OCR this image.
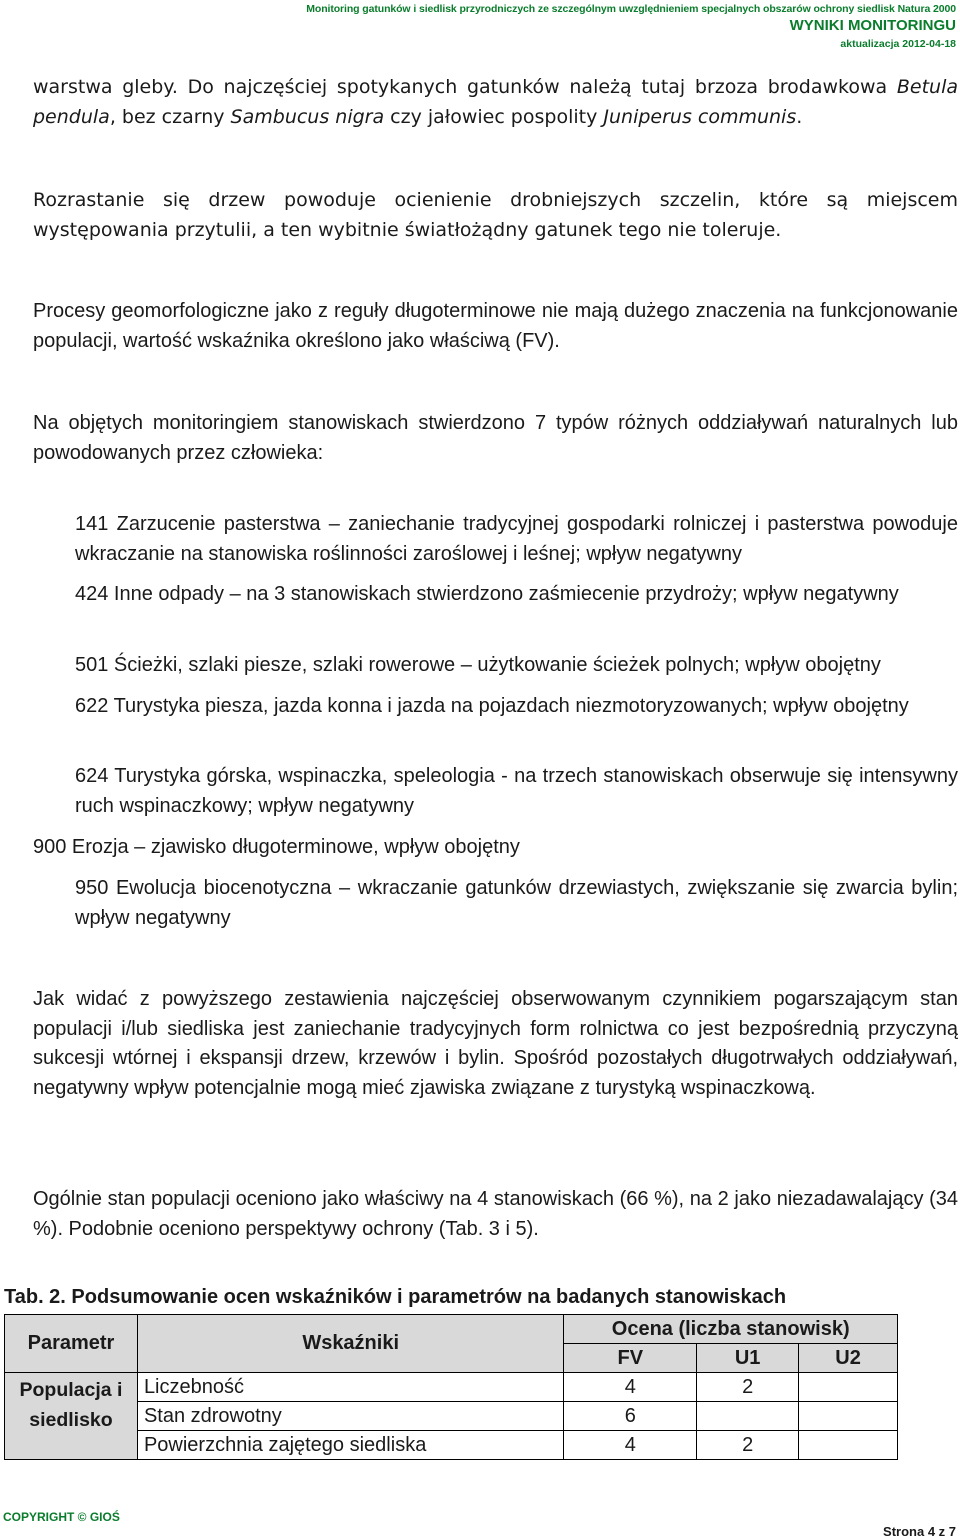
Monitoring gatunków i siedlisk przyrodniczych ze szczególnym uwzględnieniem specjalnych obszarów ochrony siedlisk Natura 2000
WYNIKI MONITORINGU
aktualizacja 2012-04-18
warstwa gleby. Do najczęściej spotykanych gatunków należą tutaj brzoza brodawkowa Betula pendula, bez czarny Sambucus nigra czy jałowiec pospolity Juniperus communis.
Rozrastanie się drzew powoduje ocienienie drobniejszych szczelin, które są miejscem występowania przytulii, a ten wybitnie światłożądny gatunek tego nie toleruje.
Procesy geomorfologiczne jako z reguły długoterminowe nie mają dużego znaczenia na funkcjonowanie populacji, wartość wskaźnika określono jako właściwą (FV).
Na objętych monitoringiem stanowiskach stwierdzono 7 typów różnych oddziaływań naturalnych lub powodowanych przez człowieka:
141 Zarzucenie pasterstwa – zaniechanie tradycyjnej gospodarki rolniczej i pasterstwa powoduje wkraczanie na stanowiska roślinności zaroślowej i leśnej; wpływ negatywny
424 Inne odpady – na 3 stanowiskach stwierdzono zaśmiecenie przydroży; wpływ negatywny
501 Ścieżki, szlaki piesze, szlaki rowerowe – użytkowanie ścieżek polnych; wpływ obojętny
622 Turystyka piesza, jazda konna i jazda na pojazdach niezmotoryzowanych; wpływ obojętny
624 Turystyka górska, wspinaczka, speleologia - na trzech stanowiskach obserwuje się intensywny ruch wspinaczkowy; wpływ negatywny
900 Erozja – zjawisko długoterminowe, wpływ obojętny
950 Ewolucja biocenotyczna – wkraczanie gatunków drzewiastych, zwiększanie się zwarcia bylin; wpływ negatywny
Jak widać z powyższego zestawienia najczęściej obserwowanym czynnikiem pogarszającym stan populacji i/lub siedliska jest zaniechanie tradycyjnych form rolnictwa co jest bezpośrednią przyczyną sukcesji wtórnej i ekspansji drzew, krzewów i bylin. Spośród pozostałych długotrwałych oddziaływań, negatywny wpływ potencjalnie mogą mieć zjawiska związane z turystyką wspinaczkową.
Ogólnie stan populacji oceniono jako właściwy na 4 stanowiskach (66 %), na 2 jako niezadawalający (34 %). Podobnie oceniono perspektywy ochrony (Tab. 3 i 5).
Tab. 2. Podsumowanie ocen wskaźników i parametrów na badanych stanowiskach
Parametr	Wskaźniki	Ocena (liczba stanowisk)		
		FV	U1	U2
Populacja i siedlisko	Liczebność	4	2	
	Stan zdrowotny	6		
	Powierzchnia zajętego siedliska	4	2	
COPYRIGHT © GIOŚ
Strona 4 z 7
